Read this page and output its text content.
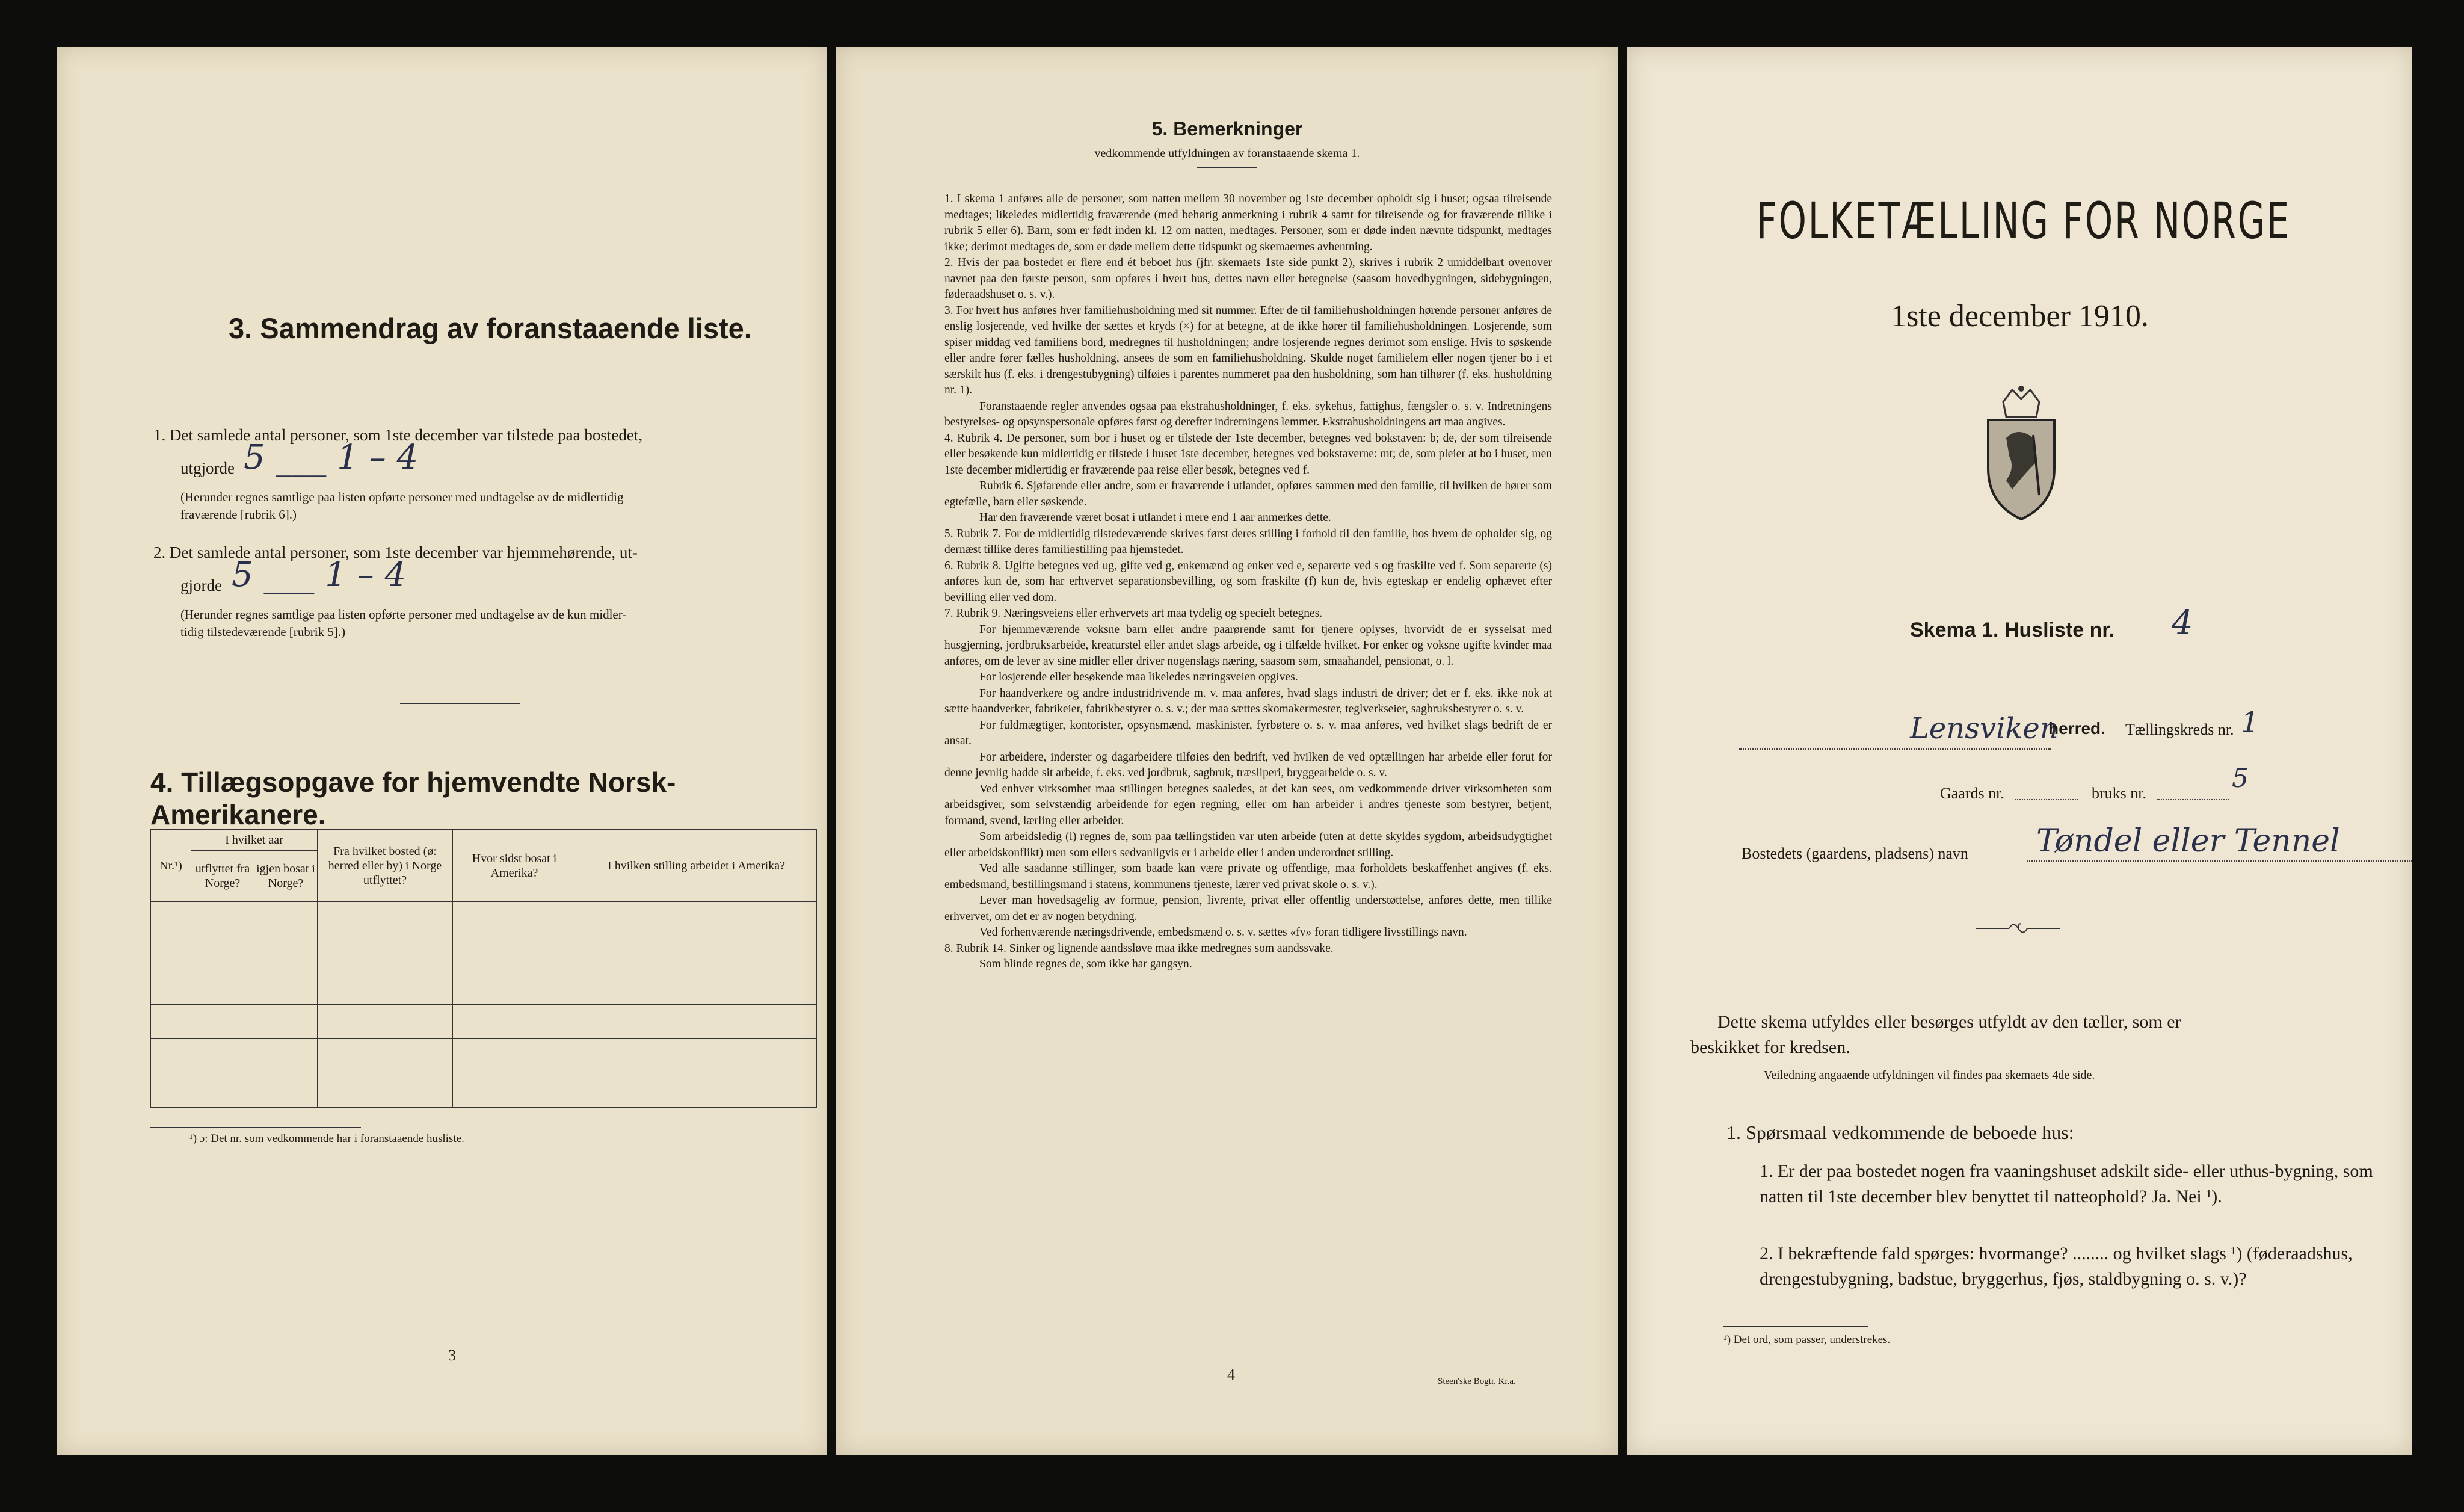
3. Sammendrag av foranstaaende liste.
1. Det samlede antal personer, som 1ste december var tilstede paa bostedet,
utgjorde 5 ___ 1 – 4
(Herunder regnes samtlige paa listen opførte personer med undtagelse av de midlertidig
fraværende [rubrik 6].)
2. Det samlede antal personer, som 1ste december var hjemmehørende, ut-
gjorde 5 ___ 1 – 4
(Herunder regnes samtlige paa listen opførte personer med undtagelse av de kun midler-
tidig tilstedeværende [rubrik 5].)
4. Tillægsopgave for hjemvendte Norsk-Amerikanere.
Nr.¹)	I hvilket aar		Fra hvilket bosted (ø: herred eller by) i Norge utflyttet?	Hvor sidst bosat i Amerika?	I hvilken stilling arbeidet i Amerika?
	utflyttet fra Norge?	igjen bosat i Norge?			

¹) ɔ: Det nr. som vedkommende har i foranstaaende husliste.
3
5. Bemerkninger
vedkommende utfyldningen av foranstaaende skema 1.

1. I skema 1 anføres alle de personer, som natten mellem 30 november og 1ste december opholdt sig i huset; ogsaa tilreisende medtages; likeledes midlertidig fraværende (med behørig anmerkning i rubrik 4 samt for tilreisende og for fraværende tillike i rubrik 5 eller 6). Barn, som er født inden kl. 12 om natten, medtages. Personer, som er døde inden nævnte tidspunkt, medtages ikke; derimot medtages de, som er døde mellem dette tidspunkt og skemaernes avhentning.

2. Hvis der paa bostedet er flere end ét beboet hus (jfr. skemaets 1ste side punkt 2), skrives i rubrik 2 umiddelbart ovenover navnet paa den første person, som opføres i hvert hus, dettes navn eller betegnelse (saasom hovedbygningen, sidebygningen, føderaadshuset o. s. v.).

3. For hvert hus anføres hver familiehusholdning med sit nummer. Efter de til familiehusholdningen hørende personer anføres de enslig losjerende, ved hvilke der sættes et kryds (×) for at betegne, at de ikke hører til familiehusholdningen. Losjerende, som spiser middag ved familiens bord, medregnes til husholdningen; andre losjerende regnes derimot som enslige. Hvis to søskende eller andre fører fælles husholdning, ansees de som en familiehusholdning. Skulde noget familielem eller nogen tjener bo i et særskilt hus (f. eks. i drengestubygning) tilføies i parentes nummeret paa den husholdning, som han tilhører (f. eks. husholdning nr. 1).

Foranstaaende regler anvendes ogsaa paa ekstrahusholdninger, f. eks. sykehus, fattighus, fængsler o. s. v. Indretningens bestyrelses- og opsynspersonale opføres først og derefter indretningens lemmer. Ekstrahusholdningens art maa angives.

4. Rubrik 4. De personer, som bor i huset og er tilstede der 1ste december, betegnes ved bokstaven: b; de, der som tilreisende eller besøkende kun midlertidig er tilstede i huset 1ste december, betegnes ved bokstaverne: mt; de, som pleier at bo i huset, men 1ste december midlertidig er fraværende paa reise eller besøk, betegnes ved f.

Rubrik 6. Sjøfarende eller andre, som er fraværende i utlandet, opføres sammen med den familie, til hvilken de hører som egtefælle, barn eller søskende.

Har den fraværende været bosat i utlandet i mere end 1 aar anmerkes dette.

5. Rubrik 7. For de midlertidig tilstedeværende skrives først deres stilling i forhold til den familie, hos hvem de opholder sig, og dernæst tillike deres familiestilling paa hjemstedet.

6. Rubrik 8. Ugifte betegnes ved ug, gifte ved g, enkemænd og enker ved e, separerte ved s og fraskilte ved f. Som separerte (s) anføres kun de, som har erhvervet separationsbevilling, og som fraskilte (f) kun de, hvis egteskap er endelig ophævet efter bevilling eller ved dom.

7. Rubrik 9. Næringsveiens eller erhvervets art maa tydelig og specielt betegnes.

For hjemmeværende voksne barn eller andre paarørende samt for tjenere oplyses, hvorvidt de er sysselsat med husgjerning, jordbruksarbeide, kreaturstel eller andet slags arbeide, og i tilfælde hvilket. For enker og voksne ugifte kvinder maa anføres, om de lever av sine midler eller driver nogenslags næring, saasom søm, smaahandel, pensionat, o. l.

For losjerende eller besøkende maa likeledes næringsveien opgives.

For haandverkere og andre industridrivende m. v. maa anføres, hvad slags industri de driver; det er f. eks. ikke nok at sætte haandverker, fabrikeier, fabrikbestyrer o. s. v.; der maa sættes skomakermester, teglverkseier, sagbruksbestyrer o. s. v.

For fuldmægtiger, kontorister, opsynsmænd, maskinister, fyrbøtere o. s. v. maa anføres, ved hvilket slags bedrift de er ansat.

For arbeidere, inderster og dagarbeidere tilføies den bedrift, ved hvilken de ved optællingen har arbeide eller forut for denne jevnlig hadde sit arbeide, f. eks. ved jordbruk, sagbruk, træsliperi, bryggearbeide o. s. v.

Ved enhver virksomhet maa stillingen betegnes saaledes, at det kan sees, om vedkommende driver virksomheten som arbeidsgiver, som selvstændig arbeidende for egen regning, eller om han arbeider i andres tjeneste som bestyrer, betjent, formand, svend, lærling eller arbeider.

Som arbeidsledig (l) regnes de, som paa tællingstiden var uten arbeide (uten at dette skyldes sygdom, arbeidsudygtighet eller arbeidskonflikt) men som ellers sedvanligvis er i arbeide eller i anden underordnet stilling.

Ved alle saadanne stillinger, som baade kan være private og offentlige, maa forholdets beskaffenhet angives (f. eks. embedsmand, bestillingsmand i statens, kommunens tjeneste, lærer ved privat skole o. s. v.).

Lever man hovedsagelig av formue, pension, livrente, privat eller offentlig understøttelse, anføres dette, men tillike erhvervet, om det er av nogen betydning.

Ved forhenværende næringsdrivende, embedsmænd o. s. v. sættes «fv» foran tidligere livsstillings navn.

8. Rubrik 14. Sinker og lignende aandssløve maa ikke medregnes som aandssvake.

Som blinde regnes de, som ikke har gangsyn.

4	Steen'ske Bogtr. Kr.a.
FOLKETÆLLING FOR NORGE
1ste december 1910.
Skema 1. Husliste nr. 4

Lensviken
herred. Tællingskreds nr. 1
Gaards nr.	bruks nr.	5
Bostedets (gaardens, pladsens) navn Tøndel eller Tennel
Dette skema utfyldes eller besørges utfyldt av den tæller, som er
beskikket for kredsen.
Veiledning angaaende utfyldningen vil findes paa skemaets 4de side.
1. Spørsmaal vedkommende de beboede hus:
1. Er der paa bostedet nogen fra vaaningshuset adskilt side- eller uthus-bygning, som natten til 1ste december blev benyttet til natteophold? Ja. Nei ¹).
2. I bekræftende fald spørges: hvormange? ........ og hvilket slags ¹) (føderaadshus, drengestubygning, badstue, bryggerhus, fjøs, staldbygning o. s. v.)?
¹) Det ord, som passer, understrekes.
